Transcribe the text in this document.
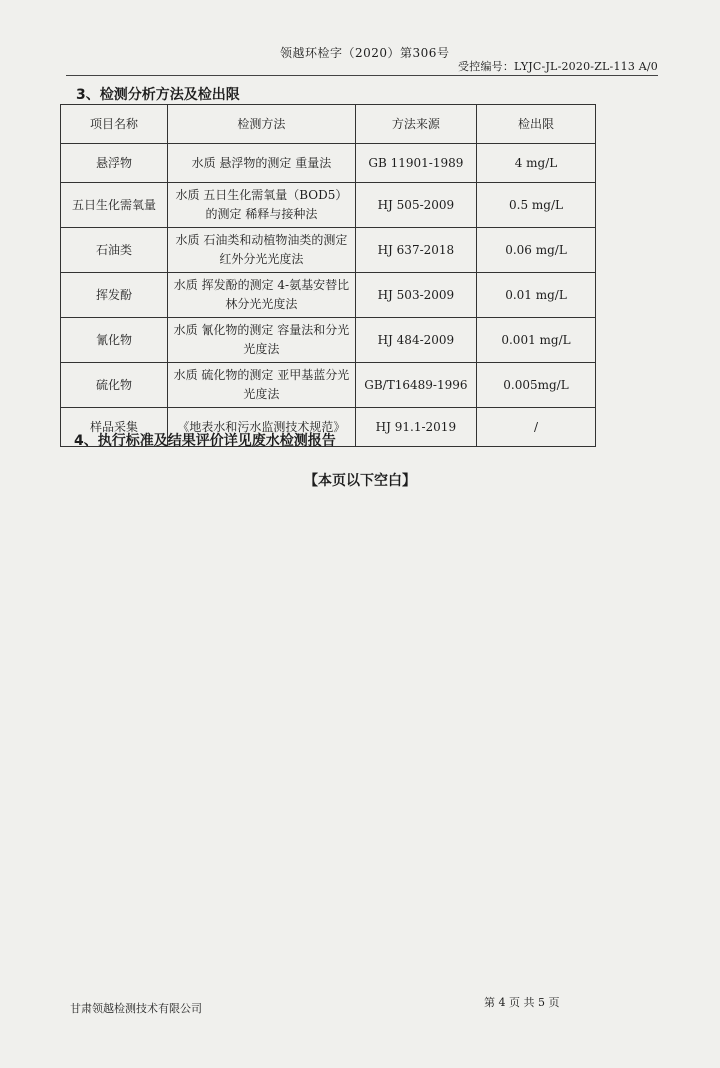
领越环检字（2020）第306号
受控编号：LYJC-JL-2020-ZL-113 A/0
3、检测分析方法及检出限
项目名称	检测方法	方法来源	检出限
悬浮物	水质 悬浮物的测定 重量法	GB 11901-1989	4 mg/L
五日生化需氧量	水质 五日生化需氧量（BOD5）的测定 稀释与接种法	HJ 505-2009	0.5 mg/L
石油类	水质 石油类和动植物油类的测定 红外分光光度法	HJ 637-2018	0.06 mg/L
挥发酚	水质 挥发酚的测定 4-氨基安替比林分光光度法	HJ 503-2009	0.01 mg/L
氰化物	水质 氰化物的测定 容量法和分光光度法	HJ 484-2009	0.001 mg/L
硫化物	水质 硫化物的测定 亚甲基蓝分光光度法	GB/T16489-1996	0.005mg/L
样品采集	《地表水和污水监测技术规范》	HJ 91.1-2019	/
4、执行标准及结果评价详见废水检测报告
【本页以下空白】
甘肃领越检测技术有限公司	第 4 页 共 5 页
